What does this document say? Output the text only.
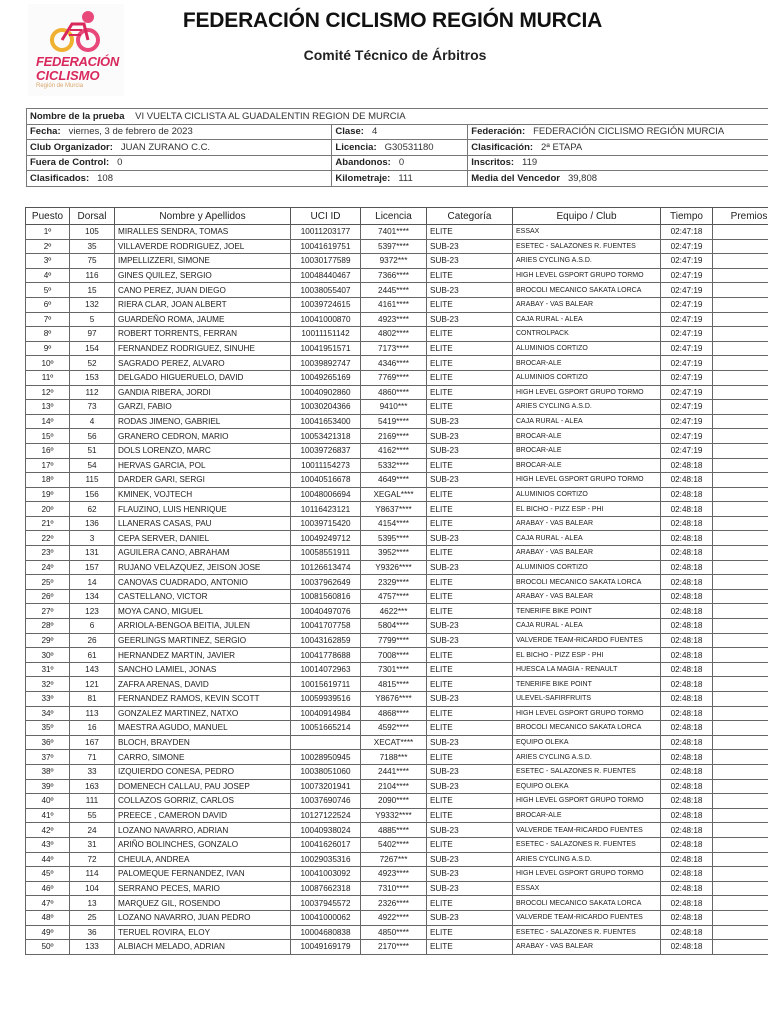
FEDERACIÓN
CICLISMO
Región de Murcia
FEDERACIÓN CICLISMO REGIÓN MURCIA
Comité Técnico de Árbitros
Nombre de la prueba VI VUELTA CICLISTA AL GUADALENTIN REGION DE MURCIA		
Fecha: viernes, 3 de febrero de 2023	Clase: 4	Federación: FEDERACIÓN CICLISMO REGIÓN MURCIA
Club Organizador: JUAN ZURANO C.C.	Licencia: G30531180	Clasificación: 2ª ETAPA
Fuera de Control: 0	Abandonos: 0	Inscritos: 119
Clasificados: 108	Kilometraje: 111	Media del Vencedor 39,808
Puesto	Dorsal	Nombre y Apellidos	UCI ID	Licencia	Categoría	Equipo / Club	Tiempo	Premios
1º	105	MIRALLES SENDRA, TOMAS	10011203177	7401****	ELITE	ESSAX	02:47:18	
2º	35	VILLAVERDE RODRIGUEZ, JOEL	10041619751	5397****	SUB-23	ESETEC - SALAZONES R. FUENTES	02:47:19	
3º	75	IMPELLIZZERI, SIMONE	10030177589	9372***	SUB-23	ARIES CYCLING A.S.D.	02:47:19	
4º	116	GINES QUILEZ, SERGIO	10048440467	7366****	ELITE	HIGH LEVEL GSPORT GRUPO TORMO	02:47:19	
5º	15	CANO PEREZ, JUAN DIEGO	10038055407	2445****	SUB-23	BROCOLI MECANICO SAKATA LORCA	02:47:19	
6º	132	RIERA CLAR, JOAN ALBERT	10039724615	4161****	ELITE	ARABAY - VAS BALEAR	02:47:19	
7º	5	GUARDEÑO ROMA, JAUME	10041000870	4923****	SUB-23	CAJA RURAL - ALEA	02:47:19	
8º	97	ROBERT TORRENTS, FERRAN	10011151142	4802****	ELITE	CONTROLPACK	02:47:19	
9º	154	FERNANDEZ RODRIGUEZ, SINUHE	10041951571	7173****	ELITE	ALUMINIOS CORTIZO	02:47:19	
10º	52	SAGRADO PEREZ, ALVARO	10039892747	4346****	ELITE	BROCAR-ALE	02:47:19	
11º	153	DELGADO HIGUERUELO, DAVID	10049265169	7769****	ELITE	ALUMINIOS CORTIZO	02:47:19	
12º	112	GANDIA RIBERA, JORDI	10040902860	4860****	ELITE	HIGH LEVEL GSPORT GRUPO TORMO	02:47:19	
13º	73	GARZI, FABIO	10030204366	9410***	ELITE	ARIES CYCLING A.S.D.	02:47:19	
14º	4	RODAS JIMENO, GABRIEL	10041653400	5419****	SUB-23	CAJA RURAL - ALEA	02:47:19	
15º	56	GRANERO CEDRON, MARIO	10053421318	2169****	SUB-23	BROCAR-ALE	02:47:19	
16º	51	DOLS LORENZO, MARC	10039726837	4162****	SUB-23	BROCAR-ALE	02:47:19	
17º	54	HERVAS GARCIA, POL	10011154273	5332****	ELITE	BROCAR-ALE	02:48:18	
18º	115	DARDER GARI, SERGI	10040516678	4649****	SUB-23	HIGH LEVEL GSPORT GRUPO TORMO	02:48:18	
19º	156	KMINEK, VOJTECH	10048006694	XEGAL****	ELITE	ALUMINIOS CORTIZO	02:48:18	
20º	62	FLAUZINO, LUIS HENRIQUE	10116423121	Y8637****	ELITE	EL BICHO - PIZZ ESP - PHI	02:48:18	
21º	136	LLANERAS CASAS, PAU	10039715420	4154****	ELITE	ARABAY - VAS BALEAR	02:48:18	
22º	3	CEPA SERVER, DANIEL	10049249712	5395****	SUB-23	CAJA RURAL - ALEA	02:48:18	
23º	131	AGUILERA CANO, ABRAHAM	10058551911	3952****	ELITE	ARABAY - VAS BALEAR	02:48:18	
24º	157	RUJANO VELAZQUEZ, JEISON JOSE	10126613474	Y9326****	SUB-23	ALUMINIOS CORTIZO	02:48:18	
25º	14	CANOVAS CUADRADO, ANTONIO	10037962649	2329****	ELITE	BROCOLI MECANICO SAKATA LORCA	02:48:18	
26º	134	CASTELLANO, VICTOR	10081560816	4757****	ELITE	ARABAY - VAS BALEAR	02:48:18	
27º	123	MOYA CANO, MIGUEL	10040497076	4622***	ELITE	TENERIFE BIKE POINT	02:48:18	
28º	6	ARRIOLA-BENGOA BEITIA, JULEN	10041707758	5804****	SUB-23	CAJA RURAL - ALEA	02:48:18	
29º	26	GEERLINGS MARTINEZ, SERGIO	10043162859	7799****	SUB-23	VALVERDE TEAM-RICARDO FUENTES	02:48:18	
30º	61	HERNANDEZ MARTIN, JAVIER	10041778688	7008****	ELITE	EL BICHO - PIZZ ESP - PHI	02:48:18	
31º	143	SANCHO LAMIEL, JONAS	10014072963	7301****	ELITE	HUESCA LA MAGIA - RENAULT	02:48:18	
32º	121	ZAFRA ARENAS, DAVID	10015619711	4815****	ELITE	TENERIFE BIKE POINT	02:48:18	
33º	81	FERNANDEZ RAMOS, KEVIN SCOTT	10059939516	Y8676****	SUB-23	ULEVEL-SAFIRFRUITS	02:48:18	
34º	113	GONZALEZ MARTINEZ, NATXO	10040914984	4868****	ELITE	HIGH LEVEL GSPORT GRUPO TORMO	02:48:18	
35º	16	MAESTRA AGUDO, MANUEL	10051665214	4592****	ELITE	BROCOLI MECANICO SAKATA LORCA	02:48:18	
36º	167	BLOCH, BRAYDEN		XECAT****	SUB-23	EQUIPO OLEKA	02:48:18	
37º	71	CARRO, SIMONE	10028950945	7188***	ELITE	ARIES CYCLING A.S.D.	02:48:18	
38º	33	IZQUIERDO CONESA, PEDRO	10038051060	2441****	SUB-23	ESETEC - SALAZONES R. FUENTES	02:48:18	
39º	163	DOMENECH CALLAU, PAU JOSEP	10073201941	2104****	SUB-23	EQUIPO OLEKA	02:48:18	
40º	111	COLLAZOS GORRIZ, CARLOS	10037690746	2090****	ELITE	HIGH LEVEL GSPORT GRUPO TORMO	02:48:18	
41º	55	PREECE , CAMERON DAVID	10127122524	Y9332****	ELITE	BROCAR-ALE	02:48:18	
42º	24	LOZANO NAVARRO, ADRIAN	10040938024	4885****	SUB-23	VALVERDE TEAM-RICARDO FUENTES	02:48:18	
43º	31	ARIÑO BOLINCHES, GONZALO	10041626017	5402****	ELITE	ESETEC - SALAZONES R. FUENTES	02:48:18	
44º	72	CHEULA, ANDREA	10029035316	7267***	SUB-23	ARIES CYCLING A.S.D.	02:48:18	
45º	114	PALOMEQUE FERNANDEZ, IVAN	10041003092	4923****	SUB-23	HIGH LEVEL GSPORT GRUPO TORMO	02:48:18	
46º	104	SERRANO PECES, MARIO	10087662318	7310****	SUB-23	ESSAX	02:48:18	
47º	13	MARQUEZ GIL, ROSENDO	10037945572	2326****	ELITE	BROCOLI MECANICO SAKATA LORCA	02:48:18	
48º	25	LOZANO NAVARRO, JUAN PEDRO	10041000062	4922****	SUB-23	VALVERDE TEAM-RICARDO FUENTES	02:48:18	
49º	36	TERUEL ROVIRA, ELOY	10004680838	4850****	ELITE	ESETEC - SALAZONES R. FUENTES	02:48:18	
50º	133	ALBIACH MELADO, ADRIAN	10049169179	2170****	ELITE	ARABAY - VAS BALEAR	02:48:18	
